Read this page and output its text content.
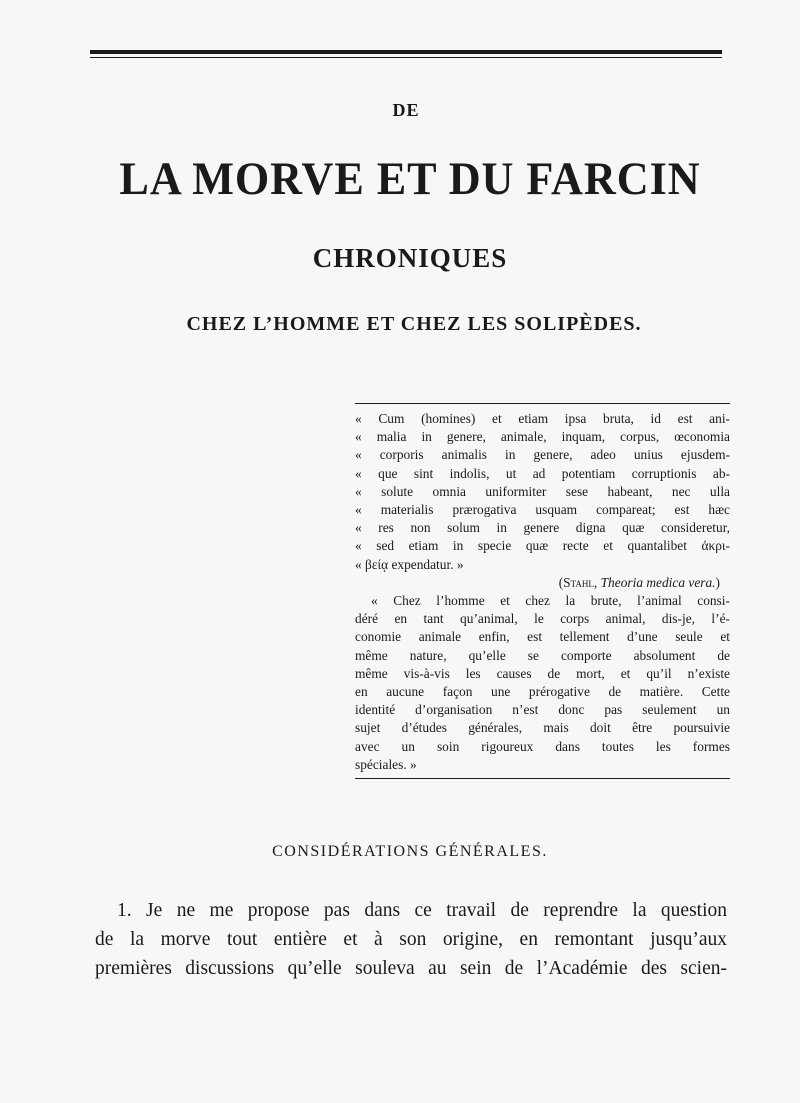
DE
LA MORVE ET DU FARCIN
CHRONIQUES
CHEZ L’HOMME ET CHEZ LES SOLIPÈDES.
« Cum (homines) et etiam ipsa bruta, id est ani-
« malia in genere, animale, inquam, corpus, œconomia
« corporis animalis in genere, adeo unius ejusdem-
« que sint indolis, ut ad potentiam corruptionis ab-
« solute omnia uniformiter sese habeant, nec ulla
« materialis prærogativa usquam compareat; est hæc
« res non solum in genere digna quæ consideretur,
« sed etiam in specie quæ recte et quantalibet ἀκρι-
« βείᾳ expendatur. »
(Stahl, Theoria medica vera.)
« Chez l’homme et chez la brute, l’animal consi-
déré en tant qu’animal, le corps animal, dis-je, l’é-
conomie animale enfin, est tellement d’une seule et
même nature, qu’elle se comporte absolument de
même vis-à-vis les causes de mort, et qu’il n’existe
en aucune façon une prérogative de matière. Cette
identité d’organisation n’est donc pas seulement un
sujet d’études générales, mais doit être poursuivie
avec un soin rigoureux dans toutes les formes
spéciales. »
CONSIDÉRATIONS GÉNÉRALES.
1. Je ne me propose pas dans ce travail de reprendre la question
de la morve tout entière et à son origine, en remontant jusqu’aux
premières discussions qu’elle souleva au sein de l’Académie des scien-
